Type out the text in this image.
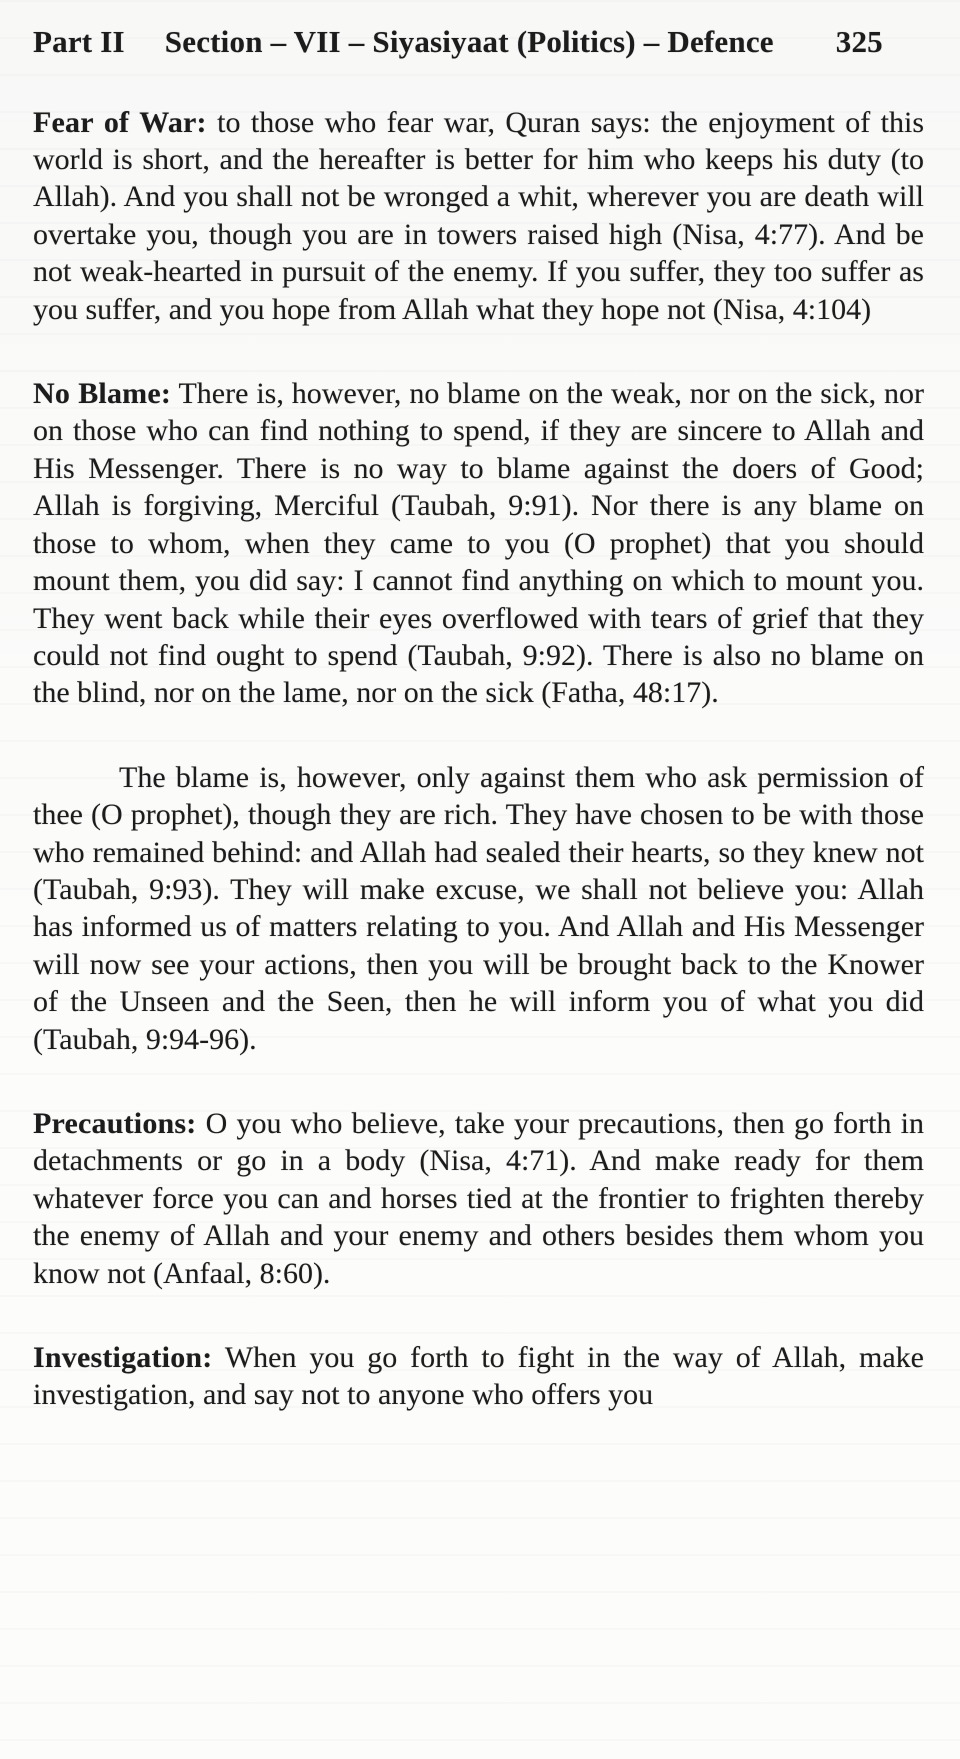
Part II Section – VII – Siyasiyaat (Politics) – Defence 325

Fear of War: to those who fear war, Quran says: the enjoyment of this world is short, and the hereafter is better for him who keeps his duty (to Allah). And you shall not be wronged a whit, wherever you are death will overtake you, though you are in towers raised high (Nisa, 4:77). And be not weak-hearted in pursuit of the enemy. If you suffer, they too suffer as you suffer, and you hope from Allah what they hope not (Nisa, 4:104)

No Blame: There is, however, no blame on the weak, nor on the sick, nor on those who can find nothing to spend, if they are sincere to Allah and His Messenger. There is no way to blame against the doers of Good; Allah is forgiving, Merciful (Taubah, 9:91). Nor there is any blame on those to whom, when they came to you (O prophet) that you should mount them, you did say: I cannot find anything on which to mount you. They went back while their eyes overflowed with tears of grief that they could not find ought to spend (Taubah, 9:92). There is also no blame on the blind, nor on the lame, nor on the sick (Fatha, 48:17).

The blame is, however, only against them who ask permission of thee (O prophet), though they are rich. They have chosen to be with those who remained behind: and Allah had sealed their hearts, so they knew not (Taubah, 9:93). They will make excuse, we shall not believe you: Allah has informed us of matters relating to you. And Allah and His Messenger will now see your actions, then you will be brought back to the Knower of the Unseen and the Seen, then he will inform you of what you did (Taubah, 9:94-96).

Precautions: O you who believe, take your precautions, then go forth in detachments or go in a body (Nisa, 4:71). And make ready for them whatever force you can and horses tied at the frontier to frighten thereby the enemy of Allah and your enemy and others besides them whom you know not (Anfaal, 8:60).

Investigation: When you go forth to fight in the way of Allah, make investigation, and say not to anyone who offers you
